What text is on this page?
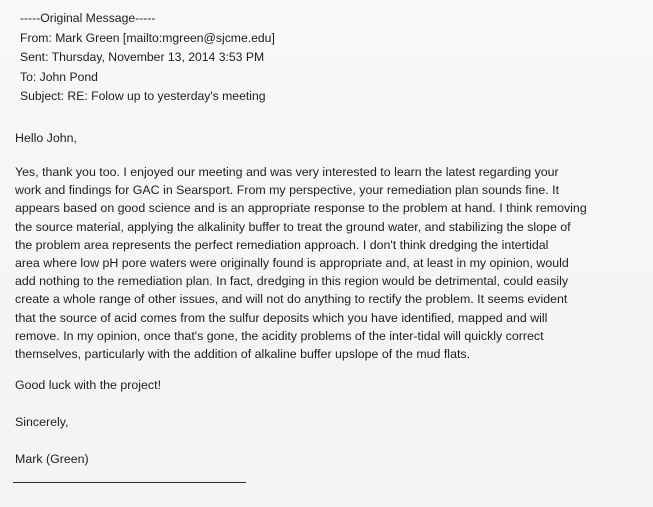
-----Original Message-----
From: Mark Green [mailto:mgreen@sjcme.edu]
Sent: Thursday, November 13, 2014 3:53 PM
To: John Pond
Subject: RE: Folow up to yesterday's meeting
Hello John,
Yes, thank you too. I enjoyed our meeting and was very interested to learn the latest regarding your
work and findings for GAC in Searsport. From my perspective, your remediation plan sounds fine. It
appears based on good science and is an appropriate response to the problem at hand. I think removing
the source material, applying the alkalinity buffer to treat the ground water, and stabilizing the slope of
the problem area represents the perfect remediation approach. I don't think dredging the intertidal
area where low pH pore waters were originally found is appropriate and, at least in my opinion, would
add nothing to the remediation plan. In fact, dredging in this region would be detrimental, could easily
create a whole range of other issues, and will not do anything to rectify the problem. It seems evident
that the source of acid comes from the sulfur deposits which you have identified, mapped and will
remove. In my opinion, once that's gone, the acidity problems of the inter-tidal will quickly correct
themselves, particularly with the addition of alkaline buffer upslope of the mud flats.
Good luck with the project!
Sincerely,
Mark (Green)
